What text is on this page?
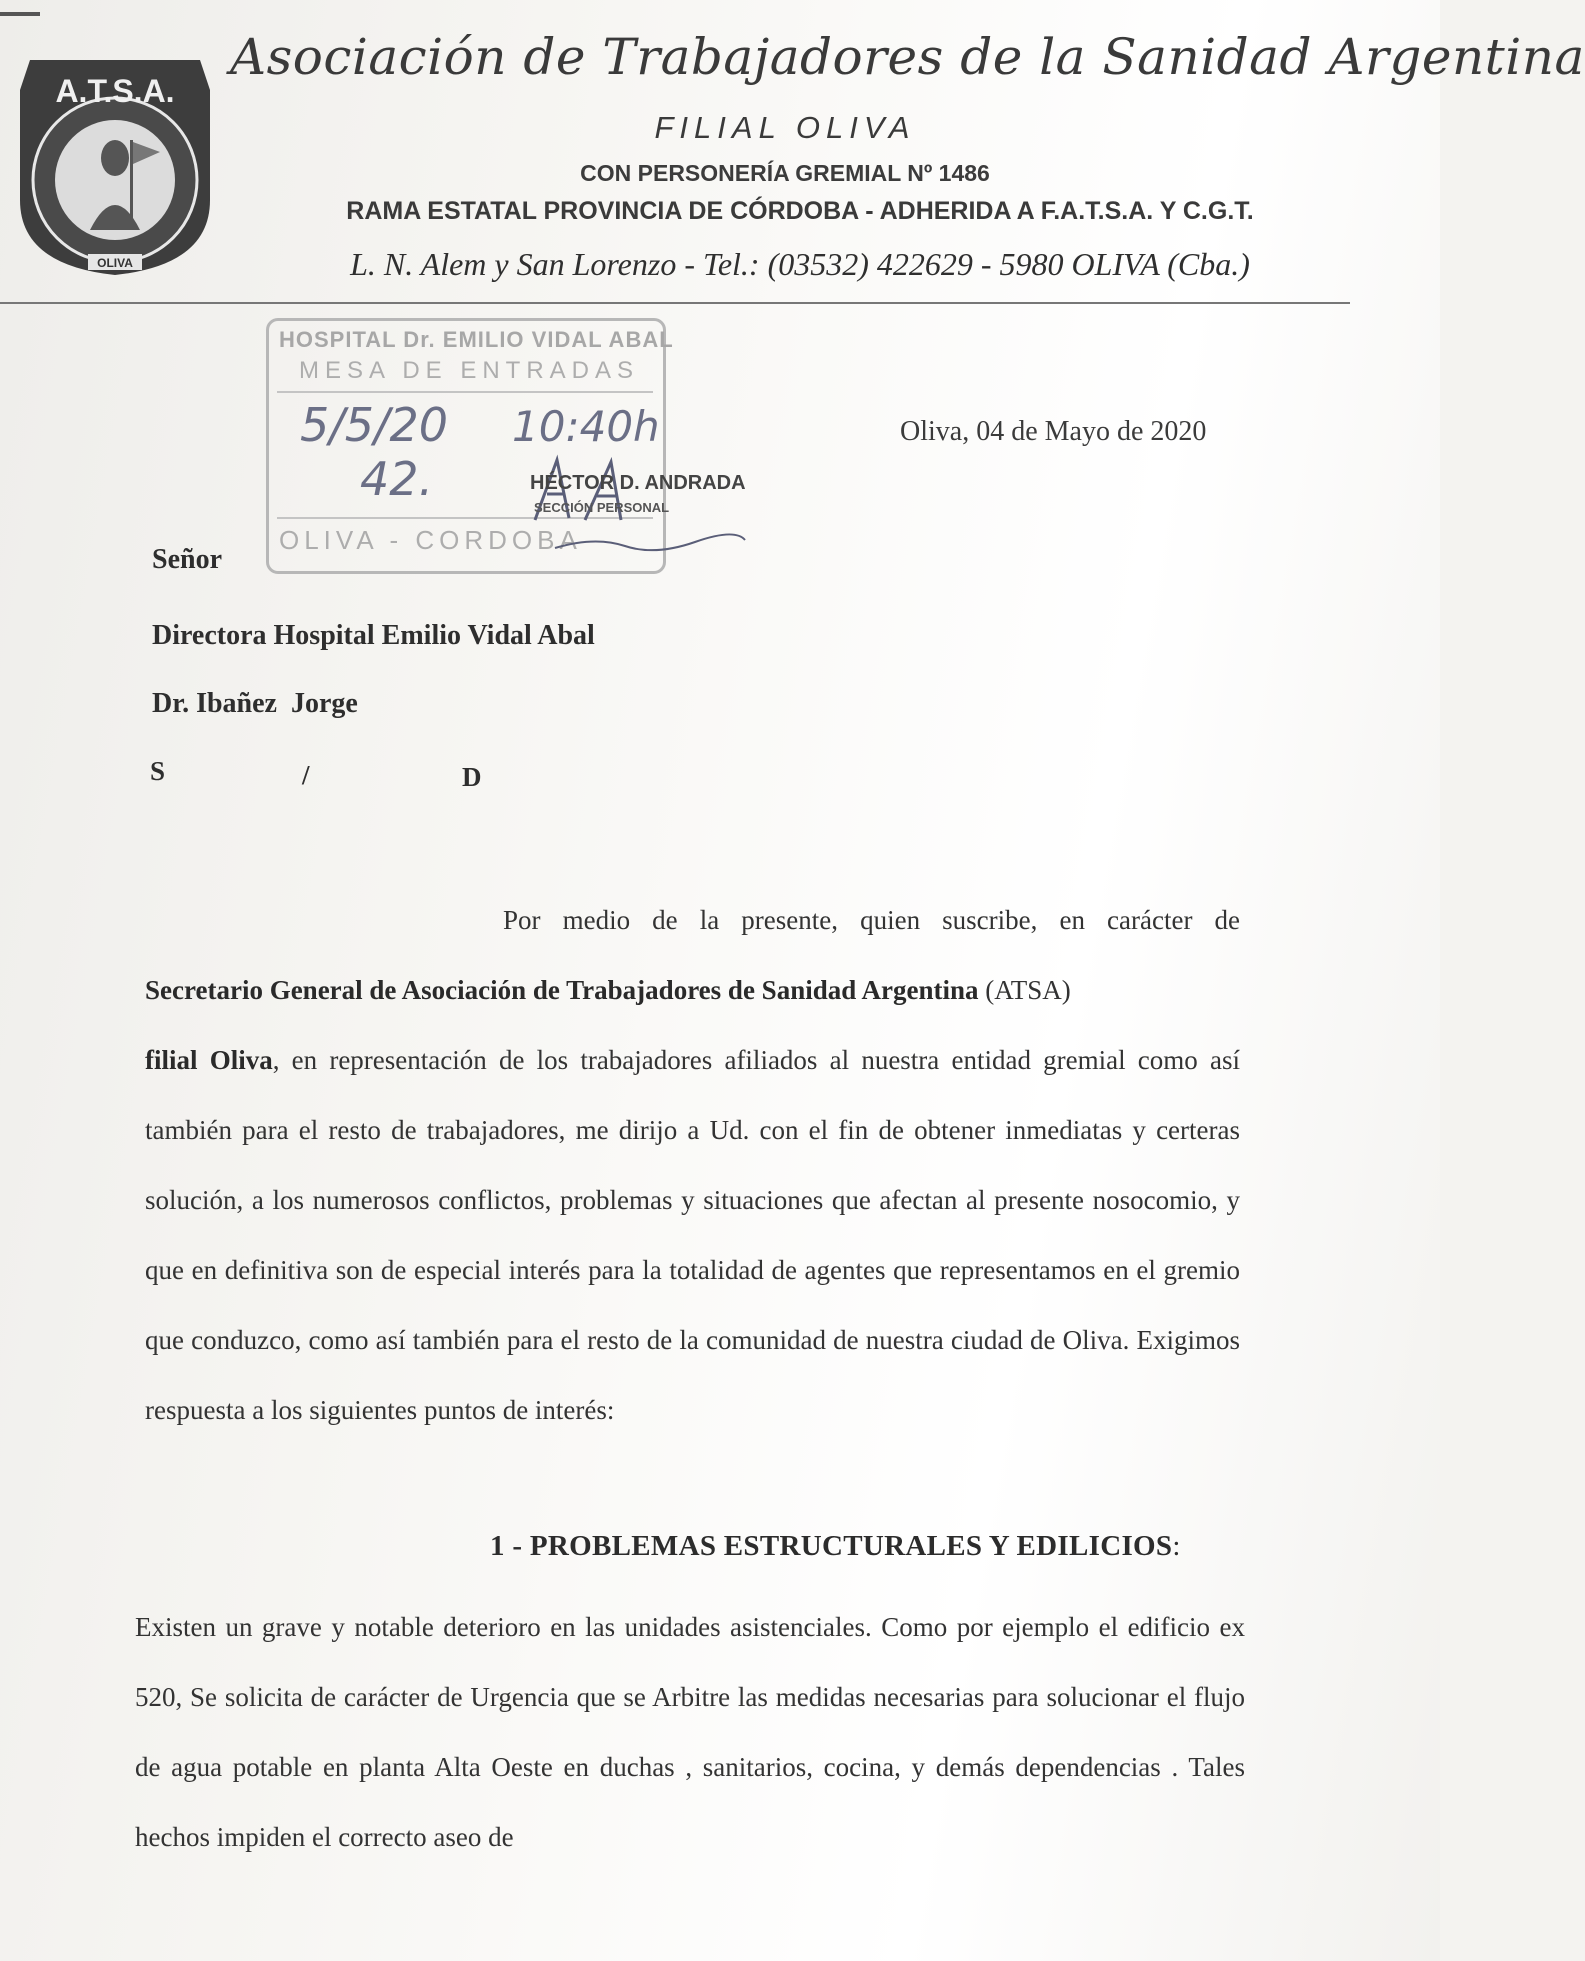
A.T.S.A.
OLIVA
Asociación de Trabajadores de la Sanidad Argentina
FILIAL OLIVA
CON PERSONERÍA GREMIAL Nº 1486
RAMA ESTATAL PROVINCIA DE CÓRDOBA - ADHERIDA A F.A.T.S.A. Y C.G.T.
L. N. Alem y San Lorenzo - Tel.: (03532) 422629 - 5980 OLIVA (Cba.)
HOSPITAL Dr. EMILIO VIDAL ABAL
MESA DE ENTRADAS
OLIVA - CORDOBA
5/5/20 10:40h
42.	HÉCTOR D. ANDRADA
SECCIÓN PERSONAL
Oliva, 04 de Mayo de 2020
Señor
Directora Hospital Emilio Vidal Abal
Dr. Ibañez  Jorge
S	/	D
Por medio de la presente, quien suscribe, en carácter de
Secretario General de Asociación de Trabajadores de Sanidad Argentina (ATSA)
filial Oliva, en representación de los trabajadores afiliados al nuestra entidad gremial como así también para el resto de trabajadores, me dirijo a Ud. con el fin de obtener inmediatas y certeras solución, a los numerosos conflictos, problemas y situaciones que afectan al presente nosocomio, y que en definitiva son de especial interés para la totalidad de agentes que representamos en el gremio que conduzco, como así también para el resto de la comunidad de nuestra ciudad de Oliva. Exigimos respuesta a los siguientes puntos de interés:
1 - PROBLEMAS ESTRUCTURALES Y EDILICIOS:
Existen un grave y notable deterioro en las unidades asistenciales. Como por ejemplo el edificio ex 520, Se solicita de carácter de Urgencia que se Arbitre las medidas necesarias para solucionar el flujo de agua potable en planta Alta Oeste en duchas , sanitarios, cocina, y demás dependencias . Tales hechos impiden el correcto aseo de
